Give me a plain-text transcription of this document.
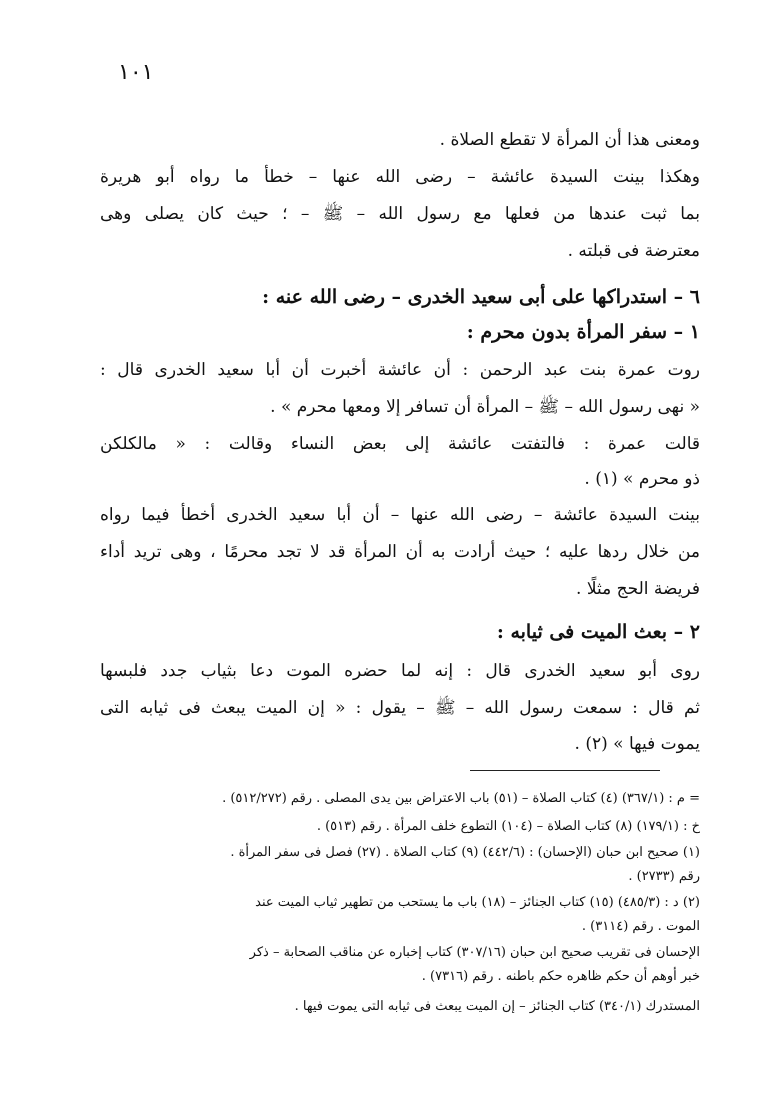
١٠١
ومعنى هذا أن المرأة لا تقطع الصلاة .
وهكذا بينت السيدة عائشة – رضى الله عنها – خطأ ما رواه أبو هريرة
بما ثبت عندها من فعلها مع رسول الله – ﷺ – ؛ حيث كان يصلى وهى
معترضة فى قبلته .
٦ – استدراكها على أبى سعيد الخدرى – رضى الله عنه :
١ – سفر المرأة بدون محرم :
روت عمرة بنت عبد الرحمن : أن عائشة أخبرت أن أبا سعيد الخدرى قال :
« نهى رسول الله – ﷺ – المرأة أن تسافر إلا ومعها محرم » .
قالت عمرة : فالتفتت عائشة إلى بعض النساء وقالت : « مالكلكن
ذو محرم » (١) .
بينت السيدة عائشة – رضى الله عنها – أن أبا سعيد الخدرى أخطأ فيما رواه
من خلال ردها عليه ؛ حيث أرادت به أن المرأة قد لا تجد محرمًا ، وهى تريد أداء
فريضة الحج مثلًا .
٢ – بعث الميت فى ثيابه :
روى أبو سعيد الخدرى قال : إنه لما حضره الموت دعا بثياب جدد فلبسها
ثم قال : سمعت رسول الله – ﷺ – يقول : « إن الميت يبعث فى ثيابه التى
يموت فيها » (٢) .
= م : (٣٦٧/١) (٤) كتاب الصلاة – (٥١) باب الاعتراض بين يدى المصلى . رقم (٥١٢/٢٧٢) .
خ : (١٧٩/١) (٨) كتاب الصلاة – (١٠٤) التطوع خلف المرأة . رقم (٥١٣) .
(١) صحيح ابن حبان (الإحسان) : (٤٤٢/٦) (٩) كتاب الصلاة . (٢٧) فصل فى سفر المرأة .
رقم (٢٧٣٣) .
(٢) د : (٤٨٥/٣) (١٥) كتاب الجنائز – (١٨) باب ما يستحب من تطهير ثياب الميت عند
الموت . رقم (٣١١٤) .
الإحسان فى تقريب صحيح ابن حبان (٣٠٧/١٦) كتاب إخباره عن مناقب الصحابة – ذكر
خبر أوهم أن حكم ظاهره حكم باطنه . رقم (٧٣١٦) .
المستدرك (٣٤٠/١) كتاب الجنائز – إن الميت يبعث فى ثيابه التى يموت فيها .
